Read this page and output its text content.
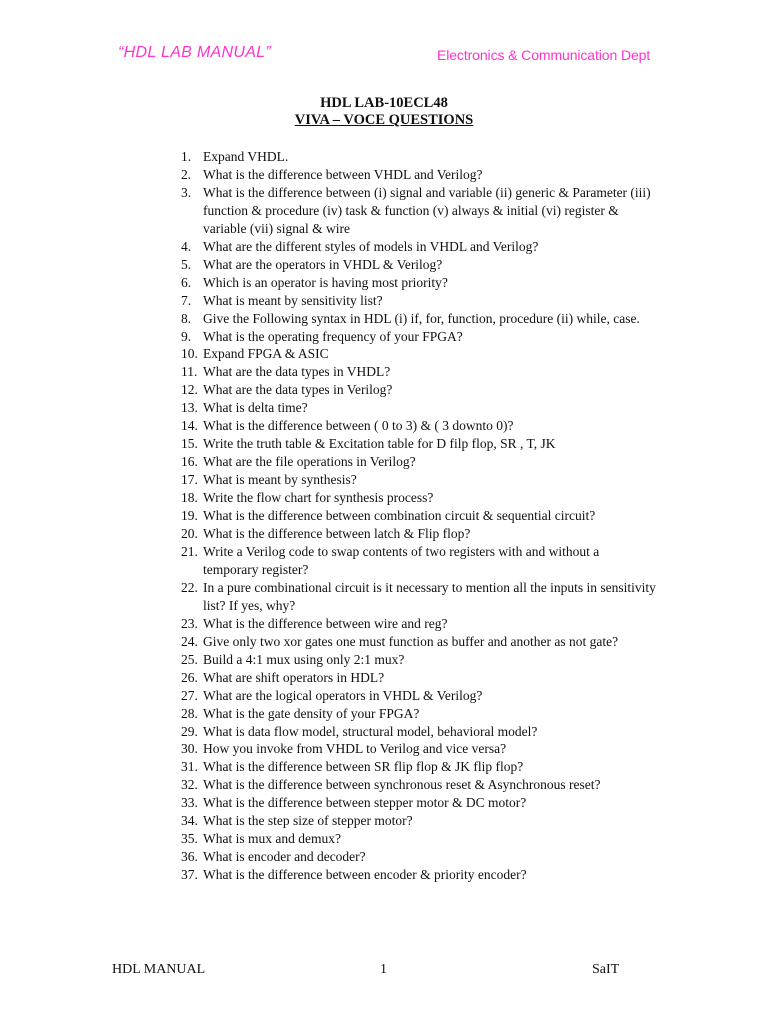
“HDL LAB MANUAL”	Electronics & Communication Dept
HDL LAB-10ECL48
VIVA – VOCE QUESTIONS
1. Expand VHDL.
2. What is the difference between VHDL and Verilog?
3. What is the difference between (i) signal and variable (ii) generic & Parameter (iii) function & procedure (iv) task & function (v) always & initial (vi) register & variable (vii) signal & wire
4. What are the different styles of models in VHDL and Verilog?
5. What are the operators in VHDL & Verilog?
6. Which is an operator is having most priority?
7. What is meant by sensitivity list?
8. Give the Following syntax in HDL (i) if, for, function, procedure (ii) while, case.
9. What is the operating frequency of your FPGA?
10. Expand FPGA & ASIC
11. What are the data types in VHDL?
12. What are the data types in Verilog?
13. What is delta time?
14. What is the difference between ( 0 to 3) & ( 3 downto 0)?
15. Write the truth table & Excitation table for D filp flop, SR , T, JK
16. What are the file operations in Verilog?
17. What is meant by synthesis?
18. Write the flow chart for synthesis process?
19. What is the difference between combination circuit & sequential circuit?
20. What is the difference between latch & Flip flop?
21. Write a Verilog code to swap contents of two registers with and without a temporary register?
22. In a pure combinational circuit is it necessary to mention all the inputs in sensitivity list? If yes, why?
23. What is the difference between wire and reg?
24. Give only two xor gates one must function as buffer and another as not gate?
25. Build a 4:1 mux using only 2:1 mux?
26. What are shift operators in HDL?
27. What are the logical operators in VHDL & Verilog?
28. What is the gate density of your FPGA?
29. What is data flow model, structural model, behavioral model?
30. How you invoke from VHDL to Verilog and vice versa?
31. What is the difference between SR flip flop & JK flip flop?
32. What is the difference between synchronous reset & Asynchronous reset?
33. What is the difference between stepper motor & DC motor?
34. What is the step size of stepper motor?
35. What is mux and demux?
36. What is encoder and decoder?
37. What is the difference between encoder & priority encoder?
HDL MANUAL	1	SaIT
